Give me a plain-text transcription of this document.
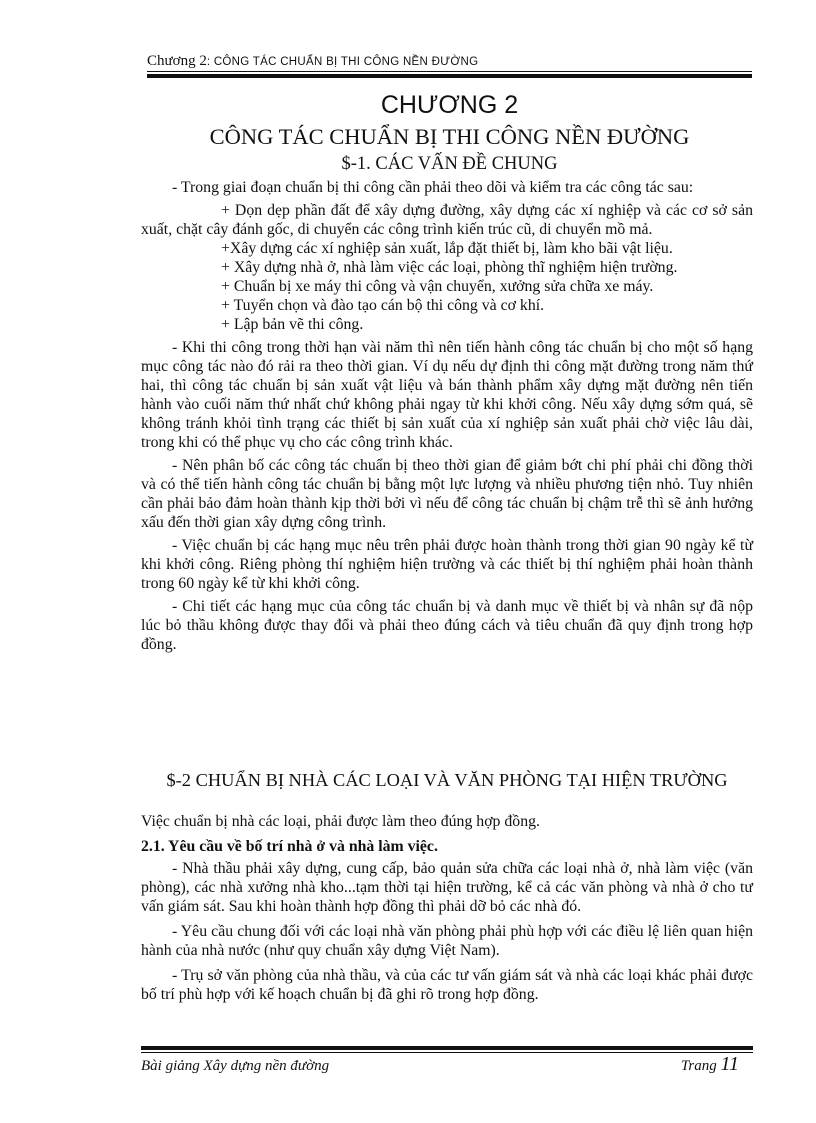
Chương 2: CÔNG TÁC CHUẨN BỊ THI CÔNG NỀN ĐƯỜNG
CHƯƠNG 2
CÔNG TÁC CHUẨN BỊ THI CÔNG NỀN ĐƯỜNG
$-1. CÁC VẤN ĐỀ CHUNG

- Trong giai đoạn chuẩn bị thi công cần phải theo dõi và kiểm tra các công tác sau:

+ Dọn dẹp phần đất để xây dựng đường, xây dựng các xí nghiệp và các cơ sở sản xuất, chặt cây đánh gốc, di chuyển các công trình kiến trúc cũ, di chuyển mồ mả.

+Xây dựng các xí nghiệp sản xuất, lắp đặt thiết bị, làm kho bãi vật liệu.

+ Xây dựng nhà ở, nhà làm việc các loại, phòng thĩ nghiệm hiện trường.

+ Chuẩn bị xe máy thi công và vận chuyển, xưởng sửa chữa xe máy.

+ Tuyển chọn và đào tạo cán bộ thi công và cơ khí.

+ Lập bản vẽ thi công.

- Khi thi công trong thời hạn vài năm thì nên tiến hành công tác chuẩn bị cho một số hạng mục công tác nào đó rải ra theo thời gian. Ví dụ nếu dự định thi công mặt đường trong năm thứ hai, thì công tác chuẩn bị sản xuất vật liệu và bán thành phẩm xây dựng mặt đường nên tiến hành vào cuối năm thứ nhất chứ không phải ngay từ khi khởi công. Nếu xây dựng sớm quá, sẽ không tránh khỏi tình trạng các thiết bị sản xuất của xí nghiệp sản xuất phải chờ việc lâu dài, trong khi có thể phục vụ cho các công trình khác.

- Nên phân bố các công tác chuẩn bị theo thời gian để giảm bớt chi phí phải chi đồng thời và có thể tiến hành công tác chuẩn bị bằng một lực lượng và nhiều phương tiện nhỏ. Tuy nhiên cần phải bảo đảm hoàn thành kịp thời bởi vì nếu để công tác chuẩn bị chậm trễ thì sẽ ảnh hưởng xấu đến thời gian xây dựng công trình.

- Việc chuẩn bị các hạng mục nêu trên phải được hoàn thành trong thời gian 90 ngày kể từ khi khởi công. Riêng phòng thí nghiệm hiện trường và các thiết bị thí nghiệm phải hoàn thành trong 60 ngày kể từ khi khởi công.

- Chi tiết các hạng mục của công tác chuẩn bị và danh mục về thiết bị và nhân sự đã nộp lúc bỏ thầu không được thay đổi và phải theo đúng cách và tiêu chuẩn đã quy định trong hợp đồng.

$-2 CHUẨN BỊ NHÀ CÁC LOẠI VÀ VĂN PHÒNG TẠI HIỆN TRƯỜNG

Việc chuẩn bị nhà các loại, phải được làm theo đúng hợp đồng.

2.1. Yêu cầu về bố trí nhà ở và nhà làm việc.

- Nhà thầu phải xây dựng, cung cấp, bảo quản sửa chữa các loại nhà ở, nhà làm việc (văn phòng), các nhà xưởng nhà kho...tạm thời tại hiện trường, kể cả các văn phòng và nhà ở cho tư vấn giám sát. Sau khi hoàn thành hợp đồng thì phải dỡ bỏ các nhà đó.

- Yêu cầu chung đối với các loại nhà văn phòng phải phù hợp với các điều lệ liên quan hiện hành của nhà nước (như quy chuẩn xây dựng Việt Nam).

- Trụ sở văn phòng của nhà thầu, và của các tư vấn giám sát và nhà các loại khác phải được bố trí phù hợp với kế hoạch chuẩn bị đã ghi rõ trong hợp đồng.

Bài giảng Xây dựng nền đường	Trang 11
